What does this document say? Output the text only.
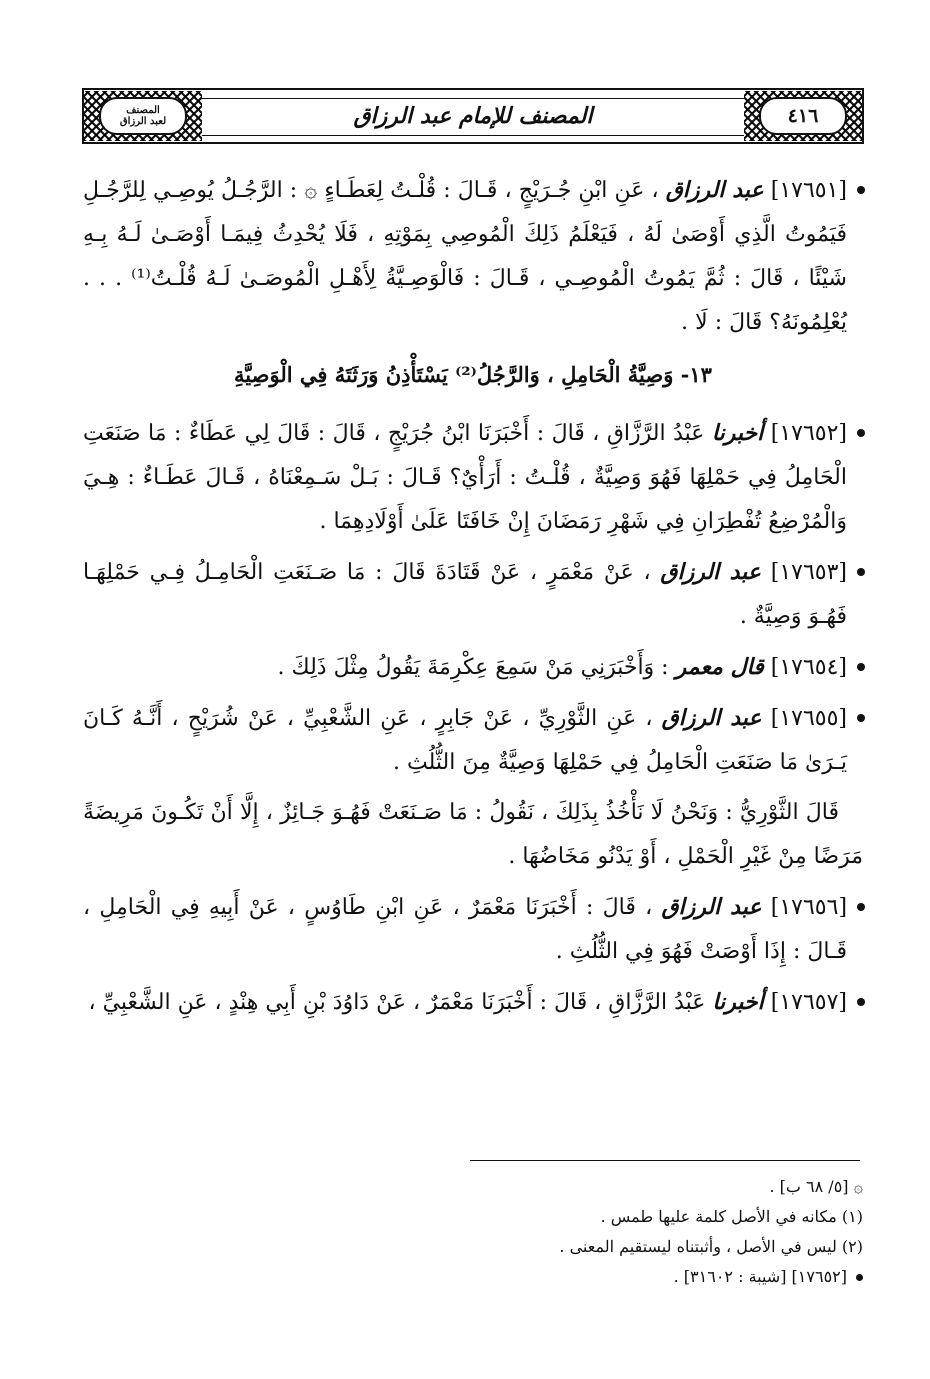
المصنف
لعبد الرزاق	المصنف للإمام عبد الرزاق	٤١٦

[١٧٦٥١] عبد الرزاق ، عَنِ ابْنِ جُـرَيْجٍ ، قَـالَ : قُلْـتُ لِعَطَـاءٍ ۞ : الرَّجُـلُ يُوصِـي لِلرَّجُـلِ فَيَمُوتُ الَّذِي أَوْصَىٰ لَهُ ، فَيَعْلَمُ ذَلِكَ الْمُوصِي بِمَوْتِهِ ، فَلَا يُحْدِثُ فِيمَـا أَوْصَـىٰ لَـهُ بِـهِ شَيْئًا ، قَالَ : ثُمَّ يَمُوتُ الْمُوصِـي ، قَـالَ : فَالْوَصِـيَّةُ لِأَهْـلِ الْمُوصَـىٰ لَـهُ قُلْـتُ⁽¹⁾ . . . يُعْلِمُونَهُ؟ قَالَ : لَا .

١٣- وَصِيَّةُ الْحَامِلِ ، وَالرَّجُلُ⁽²⁾ يَسْتَأْذِنُ وَرَثَتَهُ فِي الْوَصِيَّةِ

[١٧٦٥٢] أخبرنا عَبْدُ الرَّزَّاقِ ، قَالَ : أَخْبَرَنَا ابْنُ جُرَيْجٍ ، قَالَ : قَالَ لِي عَطَاءٌ : مَا صَنَعَتِ الْحَامِلُ فِي حَمْلِهَا فَهُوَ وَصِيَّةٌ ، قُلْـتُ : أَرَأْيٌ؟ قَـالَ : بَـلْ سَـمِعْنَاهُ ، قَـالَ عَطَـاءٌ : هِـيَ وَالْمُرْضِعُ تُفْطِرَانِ فِي شَهْرِ رَمَضَانَ إِنْ خَافَتَا عَلَىٰ أَوْلَادِهِمَا .

[١٧٦٥٣] عبد الرزاق ، عَنْ مَعْمَرٍ ، عَنْ قَتَادَةَ قَالَ : مَا صَـنَعَتِ الْحَامِـلُ فِـي حَمْلِهَـا فَهُـوَ وَصِيَّةٌ .

[١٧٦٥٤] قال معمر : وَأَخْبَرَنِي مَنْ سَمِعَ عِكْرِمَةَ يَقُولُ مِثْلَ ذَلِكَ .

[١٧٦٥٥] عبد الرزاق ، عَنِ الثَّوْرِيِّ ، عَنْ جَابِرٍ ، عَنِ الشَّعْبِيِّ ، عَنْ شُرَيْحٍ ، أَنَّـهُ كَـانَ يَـرَىٰ مَا صَنَعَتِ الْحَامِلُ فِي حَمْلِهَا وَصِيَّةٌ مِنَ الثُّلُثِ .

قَالَ الثَّوْرِيُّ : وَنَحْنُ لَا نَأْخُذُ بِذَلِكَ ، نَقُولُ : مَا صَـنَعَتْ فَهُـوَ جَـائِزٌ ، إِلَّا أَنْ تَكُـونَ مَرِيضَةً مَرَضًا مِنْ غَيْرِ الْحَمْلِ ، أَوْ يَدْنُو مَخَاضُهَا .

[١٧٦٥٦] عبد الرزاق ، قَالَ : أَخْبَرَنَا مَعْمَرٌ ، عَنِ ابْنِ طَاوُسٍ ، عَنْ أَبِيهِ فِي الْحَامِلِ ، قَـالَ : إِذَا أَوْصَتْ فَهُوَ فِي الثُّلُثِ .

[١٧٦٥٧] أخبرنا عَبْدُ الرَّزَّاقِ ، قَالَ : أَخْبَرَنَا مَعْمَرٌ ، عَنْ دَاوُدَ بْنِ أَبِي هِنْدٍ ، عَنِ الشَّعْبِيِّ ،

۞ [٥/ ٦٨ ب] .

(١) مكانه في الأصل كلمة عليها طمس .

(٢) ليس في الأصل ، وأثبتناه ليستقيم المعنى .

[١٧٦٥٢] [شيبة : ٣١٦٠٢] .
